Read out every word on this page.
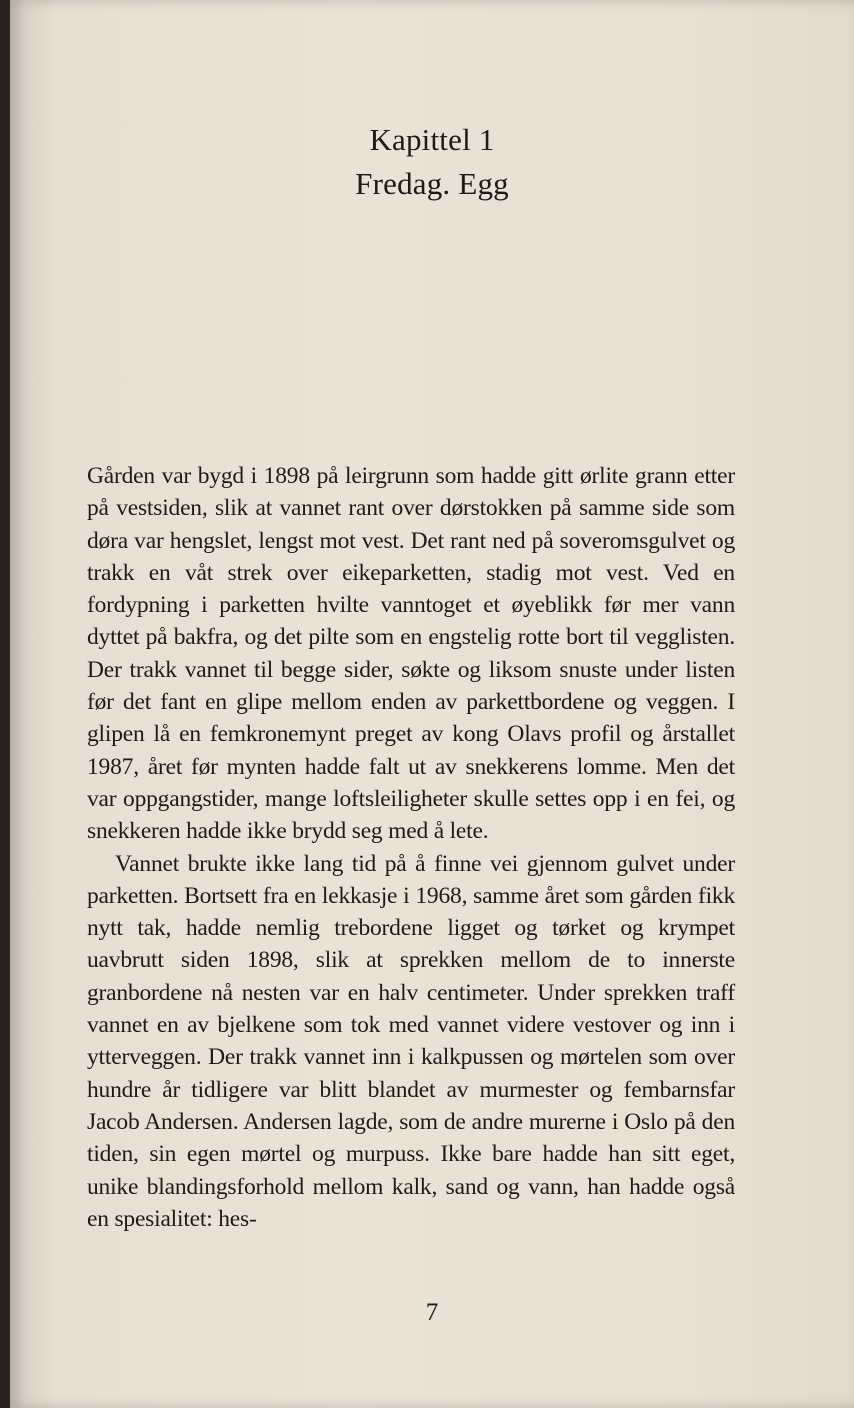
Kapittel 1
Fredag. Egg

Gården var bygd i 1898 på leirgrunn som hadde gitt ørlite grann etter på vestsiden, slik at vannet rant over dørstokken på samme side som døra var hengslet, lengst mot vest. Det rant ned på soveromsgulvet og trakk en våt strek over eikeparketten, stadig mot vest. Ved en fordypning i parketten hvilte vanntoget et øyeblikk før mer vann dyttet på bakfra, og det pilte som en engstelig rotte bort til vegglisten. Der trakk vannet til begge sider, søkte og liksom snuste under listen før det fant en glipe mellom enden av parkettbordene og veggen. I glipen lå en femkronemynt preget av kong Olavs profil og årstallet 1987, året før mynten hadde falt ut av snekkerens lomme. Men det var oppgangstider, mange loftsleiligheter skulle settes opp i en fei, og snekkeren hadde ikke brydd seg med å lete.

Vannet brukte ikke lang tid på å finne vei gjennom gulvet under parketten. Bortsett fra en lekkasje i 1968, samme året som gården fikk nytt tak, hadde nemlig trebordene ligget og tørket og krympet uavbrutt siden 1898, slik at sprekken mellom de to innerste granbordene nå nesten var en halv centimeter. Under sprekken traff vannet en av bjelkene som tok med vannet videre vestover og inn i ytterveggen. Der trakk vannet inn i kalkpussen og mørtelen som over hundre år tidligere var blitt blandet av murmester og fembarnsfar Jacob Andersen. Andersen lagde, som de andre murerne i Oslo på den tiden, sin egen mørtel og murpuss. Ikke bare hadde han sitt eget, unike blandingsforhold mellom kalk, sand og vann, han hadde også en spesialitet: hes-

7
